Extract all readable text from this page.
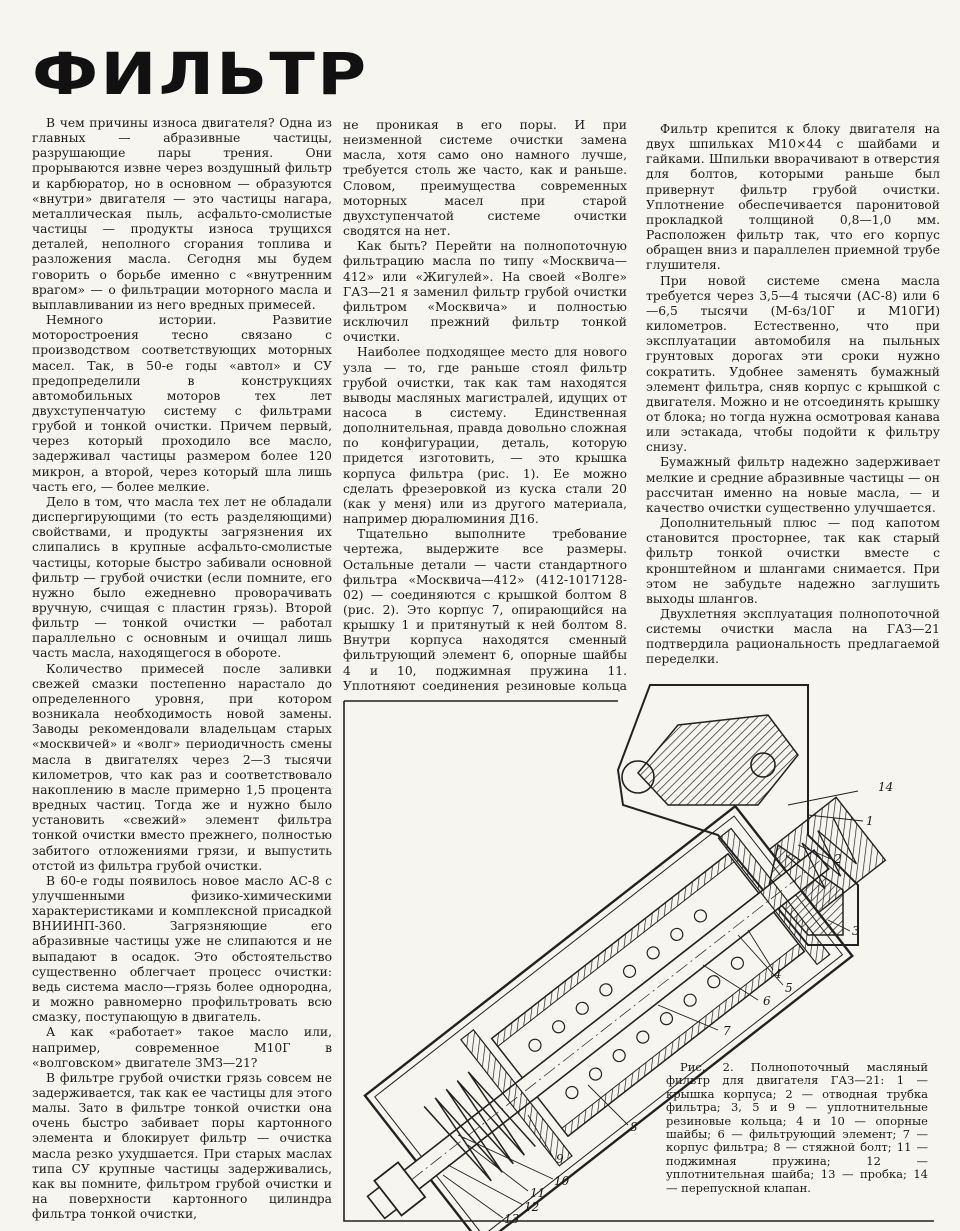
ФИЛЬТР

В чем причины износа двигателя? Одна из главных — абразивные частицы, разрушающие пары трения. Они прорываются извне через воздушный фильтр и карбюратор, но в основном — образуются «внутри» двигателя — это частицы нагара, металлическая пыль, асфальто-смолистые частицы — продукты износа трущихся деталей, неполного сгорания топлива и разложения масла. Сегодня мы будем говорить о борьбе именно с «внутренним врагом» — о фильтрации моторного масла и выплавливании из него вредных примесей.

Немного истории. Развитие моторостроения тесно связано с производством соответствующих моторных масел. Так, в 50-е годы «автол» и СУ предопределили в конструкциях автомобильных моторов тех лет двухступенчатую систему с фильтрами грубой и тонкой очистки. Причем первый, через который проходило все масло, задерживал частицы размером более 120 микрон, а второй, через который шла лишь часть его, — более мелкие.

Дело в том, что масла тех лет не обладали диспергирующими (то есть разделяющими) свойствами, и продукты загрязнения их слипались в крупные асфальто-смолистые частицы, которые быстро забивали основной фильтр — грубой очистки (если помните, его нужно было ежедневно проворачивать вручную, счищая с пластин грязь). Второй фильтр — тонкой очистки — работал параллельно с основным и очищал лишь часть масла, находящегося в обороте.

Количество примесей после заливки свежей смазки постепенно нарастало до определенного уровня, при котором возникала необходимость новой замены. Заводы рекомендовали владельцам старых «москвичей» и «волг» периодичность смены масла в двигателях через 2—3 тысячи километров, что как раз и соответствовало накоплению в масле примерно 1,5 процента вредных частиц. Тогда же и нужно было установить «свежий» элемент фильтра тонкой очистки вместо прежнего, полностью забитого отложениями грязи, и выпустить отстой из фильтра грубой очистки.

В 60-е годы появилось новое масло АС-8 с улучшенными физико-химическими характеристиками и комплексной присадкой ВНИИНП-360. Загрязняющие его абразивные частицы уже не слипаются и не выпадают в осадок. Это обстоятельство существенно облегчает процесс очистки: ведь система масло—грязь более однородна, и можно равномерно профильтровать всю смазку, поступающую в двигатель.

А как «работает» такое масло или, например, современное М10Г в «волговском» двигателе ЗМЗ—21?

В фильтре грубой очистки грязь совсем не задерживается, так как ее частицы для этого малы. Зато в фильтре тонкой очистки она очень быстро забивает поры картонного элемента и блокирует фильтр — очистка масла резко ухудшается. При старых маслах типа СУ крупные частицы задерживались, как вы помните, фильтром грубой очистки и на поверхности картонного цилиндра фильтра тонкой очистки,

не проникая в его поры. И при неизменной системе очистки замена масла, хотя само оно намного лучше, требуется столь же часто, как и раньше. Словом, преимущества современных моторных масел при старой двухступенчатой системе очистки сводятся на нет.

Как быть? Перейти на полнопоточную фильтрацию масла по типу «Москвича—412» или «Жигулей». На своей «Волге» ГАЗ—21 я заменил фильтр грубой очистки фильтром «Москвича» и полностью исключил прежний фильтр тонкой очистки.

Наиболее подходящее место для нового узла — то, где раньше стоял фильтр грубой очистки, так как там находятся выводы масляных магистралей, идущих от насоса в систему. Единственная дополнительная, правда довольно сложная по конфигурации, деталь, которую придется изготовить, — это крышка корпуса фильтра (рис. 1). Ее можно сделать фрезеровкой из куска стали 20 (как у меня) или из другого материала, например дюралюминия Д16.

Тщательно выполните требование чертежа, выдержите все размеры. Остальные детали — части стандартного фильтра «Москвича—412» (412-1017128-02) — соединяются с крышкой болтом 8 (рис. 2). Это корпус 7, опирающийся на крышку 1 и притянутый к ней болтом 8. Внутри корпуса находятся сменный фильтрующий элемент 6, опорные шайбы 4 и 10, поджимная пружина 11. Уплотняют соединения резиновые кольца

Фильтр крепится к блоку двигателя на двух шпильках М10×44 с шайбами и гайками. Шпильки вворачивают в отверстия для болтов, которыми раньше был привернут фильтр грубой очистки. Уплотнение обеспечивается паронитовой прокладкой толщиной 0,8—1,0 мм. Расположен фильтр так, что его корпус обращен вниз и параллелен приемной трубе глушителя.

При новой системе смена масла требуется через 3,5—4 тысячи (АС-8) или 6—6,5 тысячи (М-6з/10Г и М10ГИ) километров. Естественно, что при эксплуатации автомобиля на пыльных грунтовых дорогах эти сроки нужно сократить. Удобнее заменять бумажный элемент фильтра, сняв корпус с крышкой с двигателя. Можно и не отсоединять крышку от блока; но тогда нужна осмотровая канава или эстакада, чтобы подойти к фильтру снизу.

Бумажный фильтр надежно задерживает мелкие и средние абразивные частицы — он рассчитан именно на новые масла, — и качество очистки существенно улучшается.

Дополнительный плюс — под капотом становится просторнее, так как старый фильтр тонкой очистки вместе с кронштейном и шлангами снимается. При этом не забудьте надежно заглушить выходы шлангов.

Двухлетняя эксплуатация полнопоточной системы очистки масла на ГАЗ—21 подтвердила рациональность предлагаемой переделки.

14
1
2
3
4
5
6
7
8
9
10
11
12
13

Рис. 2. Полнопоточный масляный фильтр для двигателя ГАЗ—21: 1 — крышка корпуса; 2 — отводная трубка фильтра; 3, 5 и 9 — уплотнительные резиновые кольца; 4 и 10 — опорные шайбы; 6 — фильтрующий элемент; 7 — корпус фильтра; 8 — стяжной болт; 11 — поджимная пружина; 12 — уплотнительная шайба; 13 — пробка; 14 — перепускной клапан.
